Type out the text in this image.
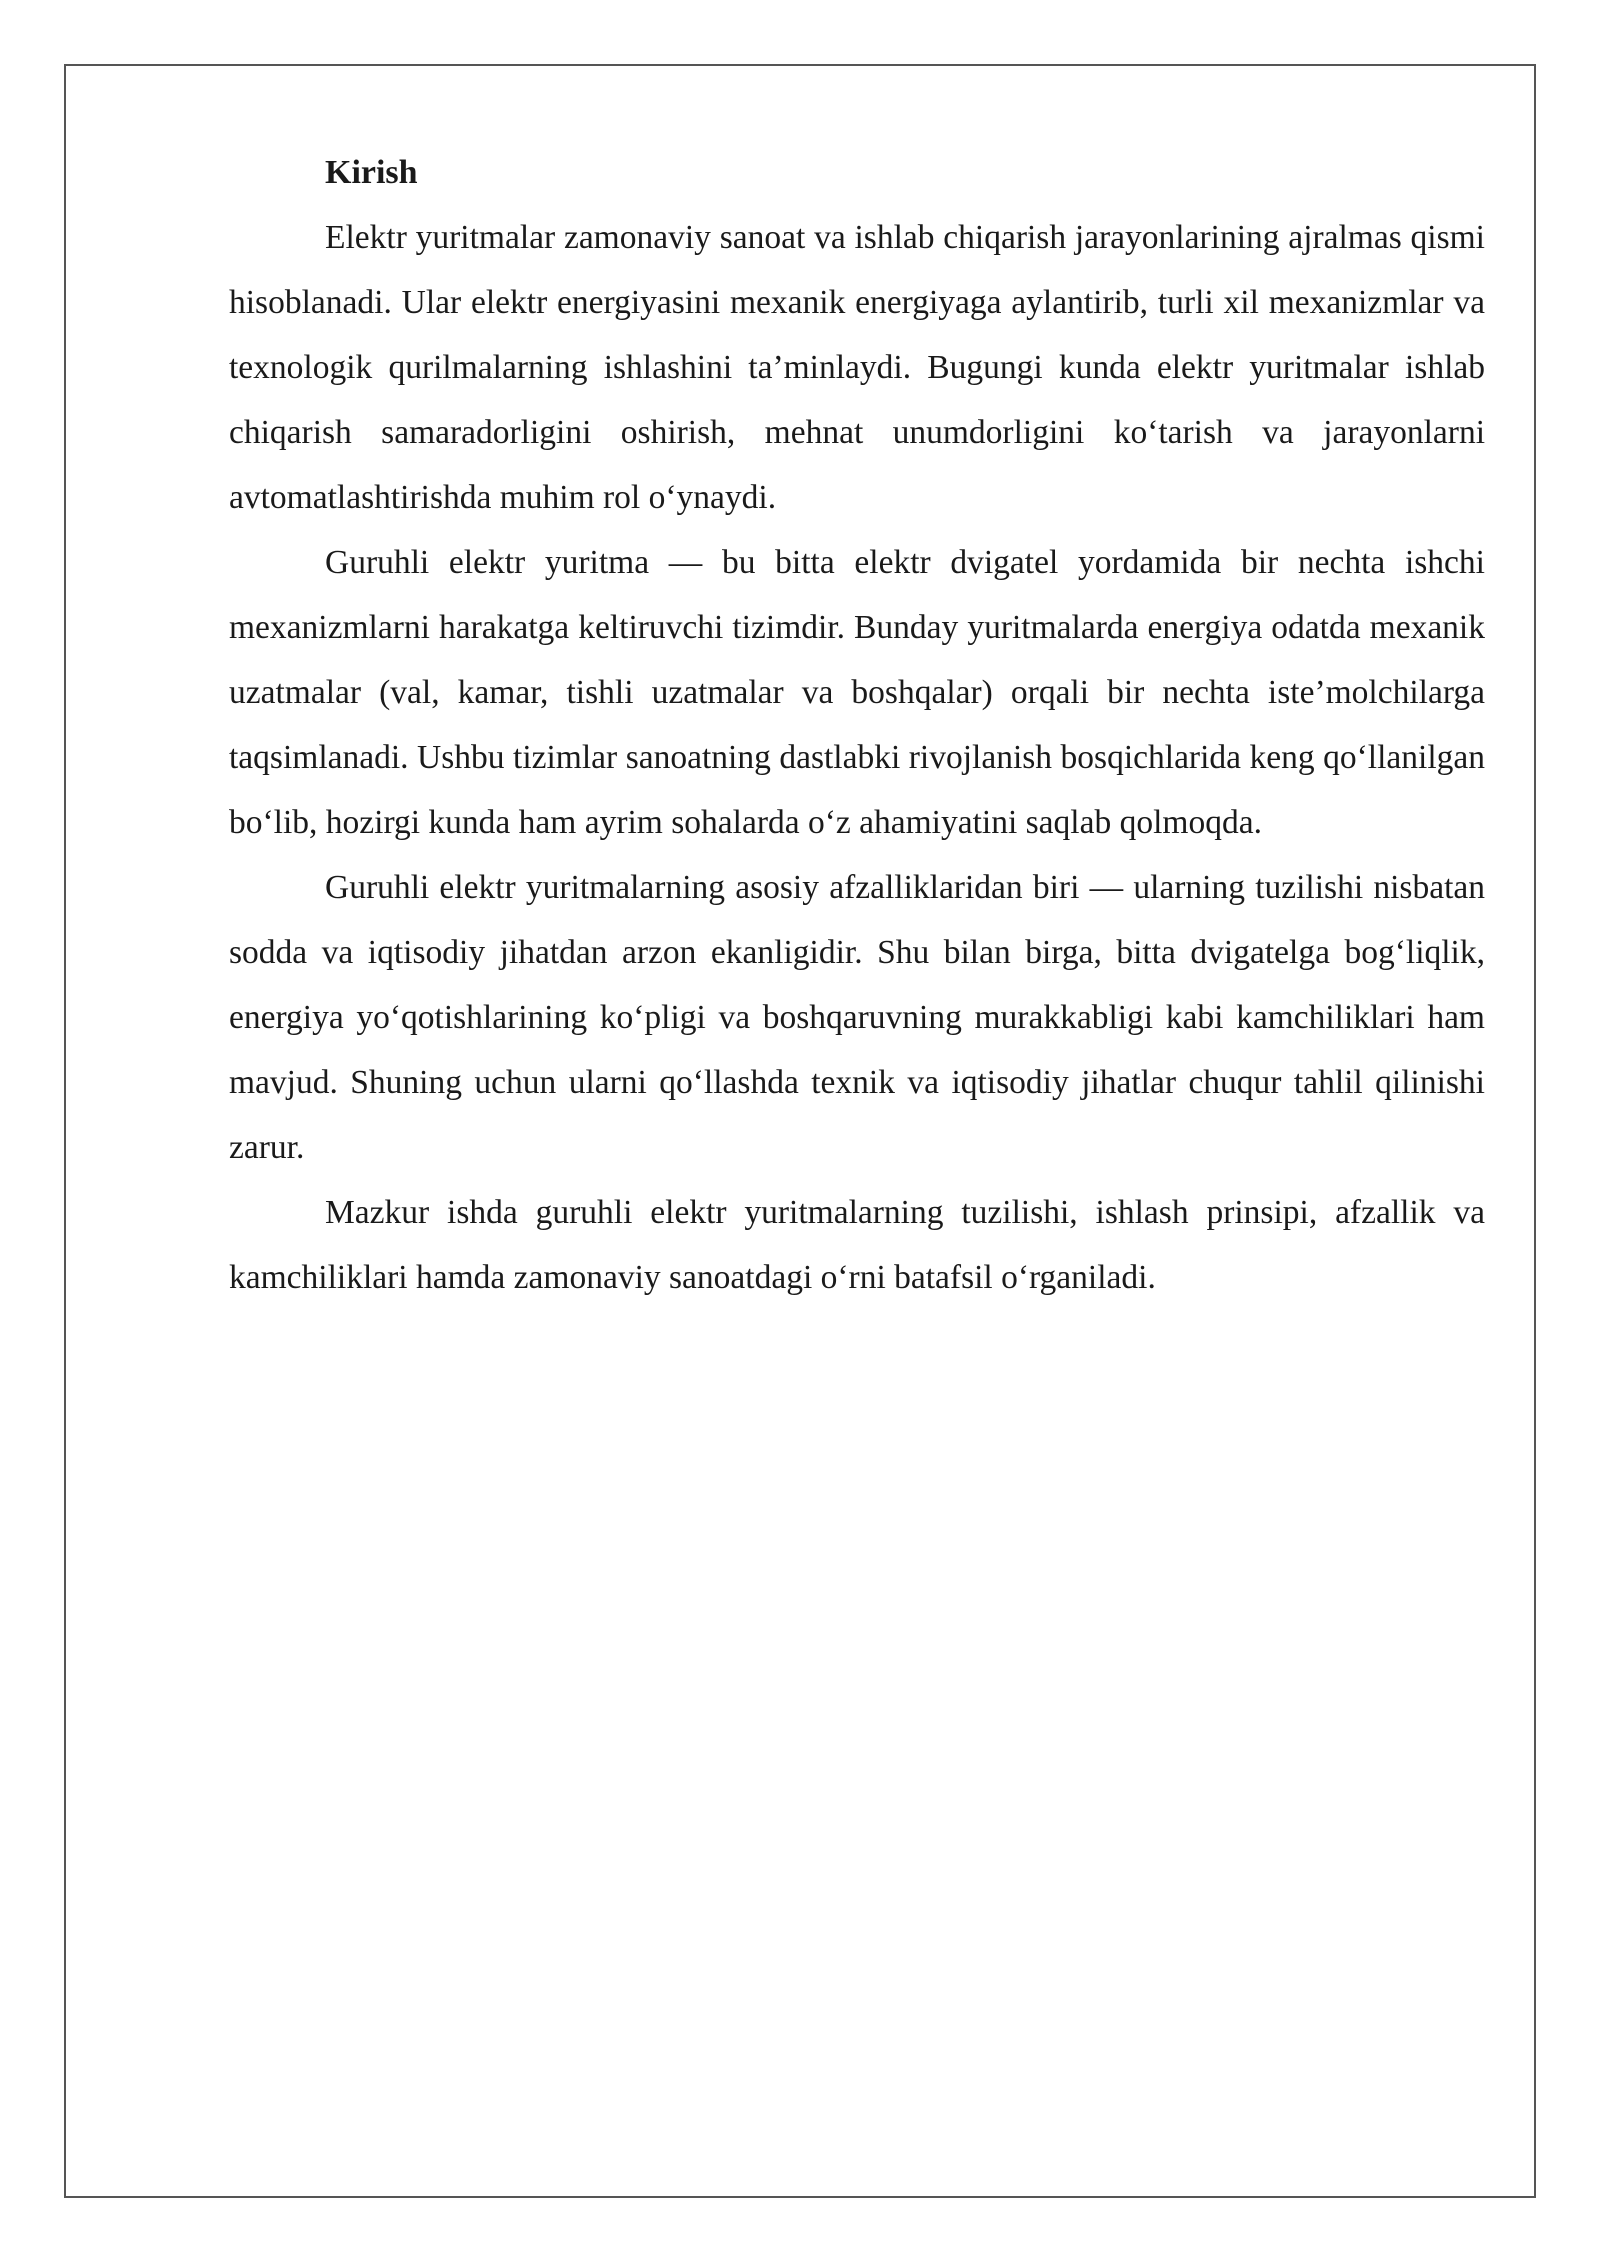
Kirish

Elektr yuritmalar zamonaviy sanoat va ishlab chiqarish jarayonlarining ajralmas qismi hisoblanadi. Ular elektr energiyasini mexanik energiyaga aylantirib, turli xil mexanizmlar va texnologik qurilmalarning ishlashini ta’minlaydi. Bugungi kunda elektr yuritmalar ishlab chiqarish samaradorligini oshirish, mehnat unumdorligini ko‘tarish va jarayonlarni avtomatlashtirishda muhim rol o‘ynaydi.

Guruhli elektr yuritma — bu bitta elektr dvigatel yordamida bir nechta ishchi mexanizmlarni harakatga keltiruvchi tizimdir. Bunday yuritmalarda energiya odatda mexanik uzatmalar (val, kamar, tishli uzatmalar va boshqalar) orqali bir nechta iste’molchilarga taqsimlanadi. Ushbu tizimlar sanoatning dastlabki rivojlanish bosqichlarida keng qo‘llanilgan bo‘lib, hozirgi kunda ham ayrim sohalarda o‘z ahamiyatini saqlab qolmoqda.

Guruhli elektr yuritmalarning asosiy afzalliklaridan biri — ularning tuzilishi nisbatan sodda va iqtisodiy jihatdan arzon ekanligidir. Shu bilan birga, bitta dvigatelga bog‘liqlik, energiya yo‘qotishlarining ko‘pligi va boshqaruvning murakkabligi kabi kamchiliklari ham mavjud. Shuning uchun ularni qo‘llashda texnik va iqtisodiy jihatlar chuqur tahlil qilinishi zarur.

Mazkur ishda guruhli elektr yuritmalarning tuzilishi, ishlash prinsipi, afzallik va kamchiliklari hamda zamonaviy sanoatdagi o‘rni batafsil o‘rganiladi.
